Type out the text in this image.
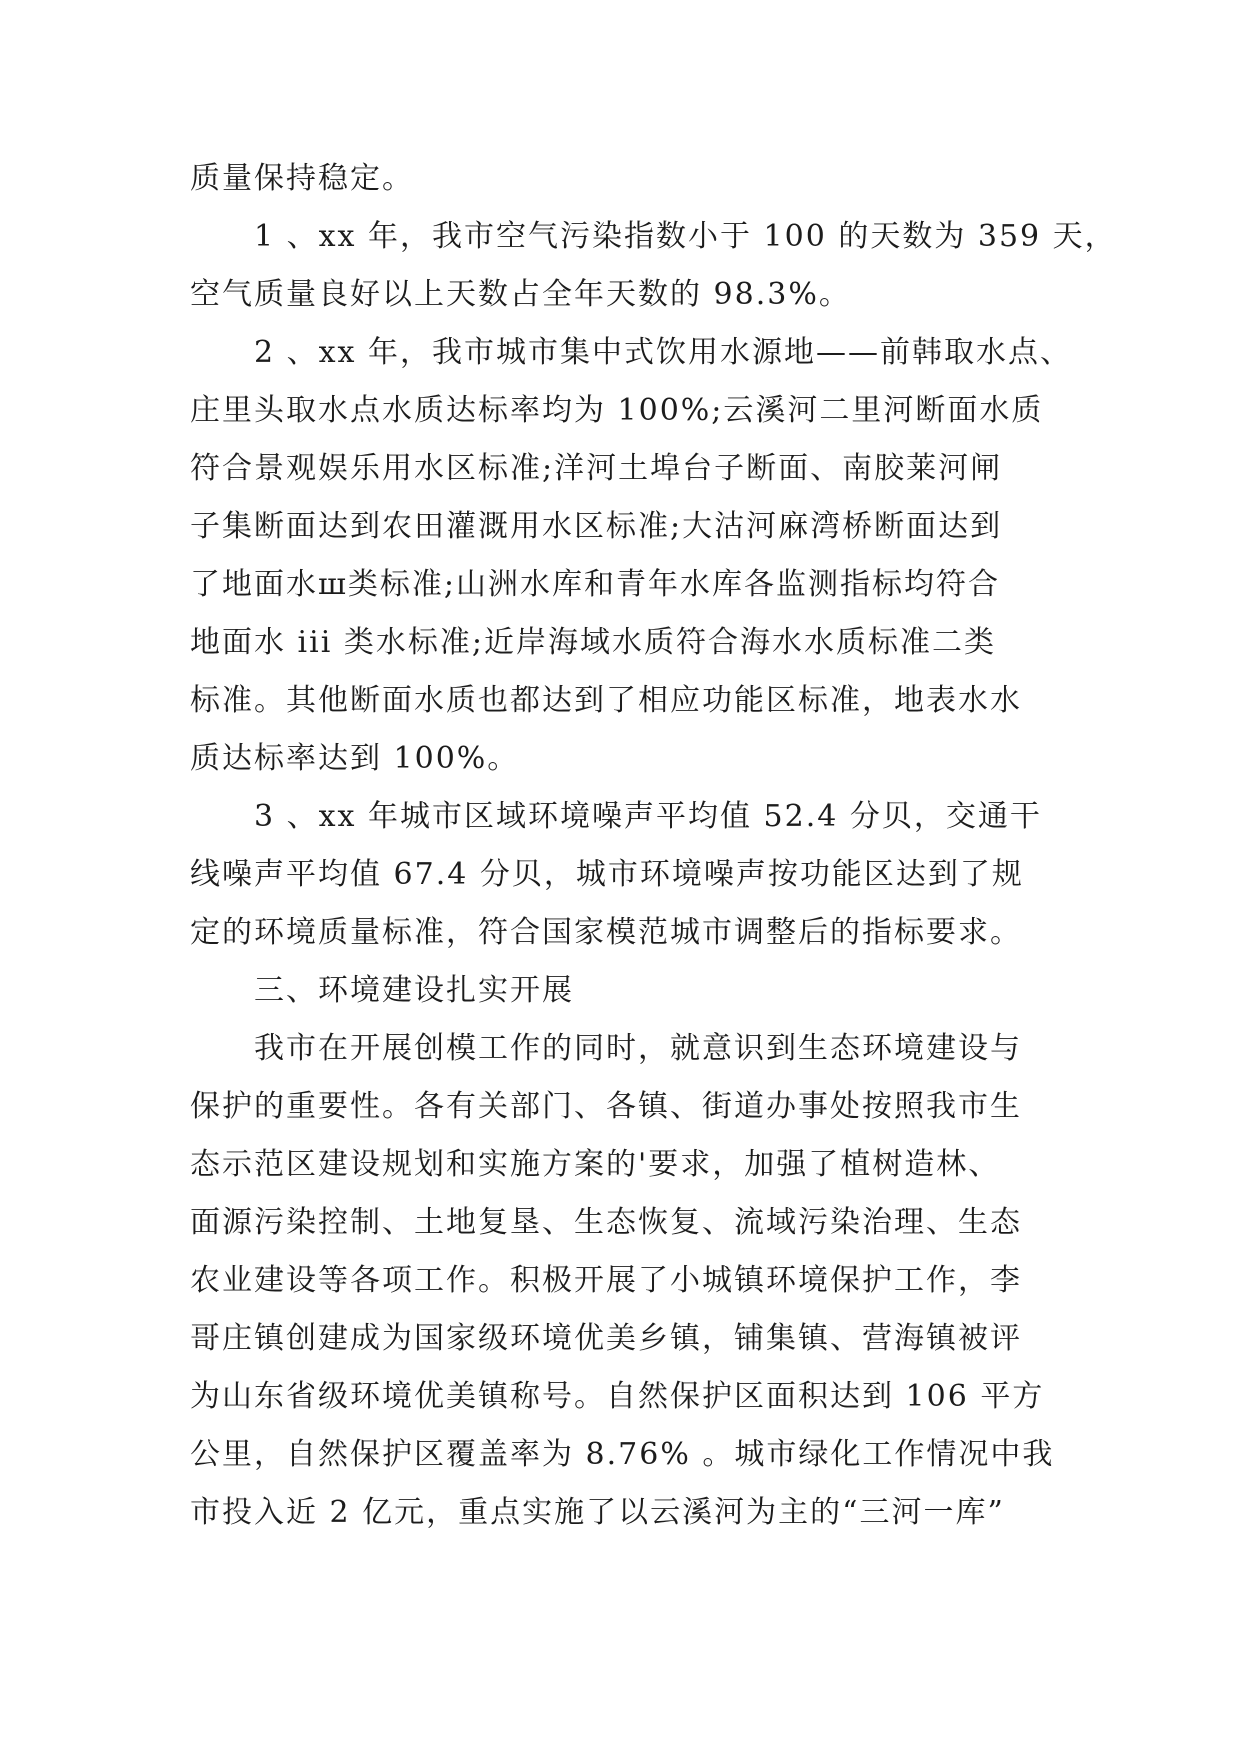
质量保持稳定。
1 、xx 年，我市空气污染指数小于 100 的天数为 359 天，
空气质量良好以上天数占全年天数的 98.3%。
2 、xx 年，我市城市集中式饮用水源地——前韩取水点、
庄里头取水点水质达标率均为 100%;云溪河二里河断面水质
符合景观娱乐用水区标准;洋河土埠台子断面、南胶莱河闸
子集断面达到农田灌溉用水区标准;大沽河麻湾桥断面达到
了地面水ш类标准;山洲水库和青年水库各监测指标均符合
地面水 iii 类水标准;近岸海域水质符合海水水质标准二类
标准。其他断面水质也都达到了相应功能区标准，地表水水
质达标率达到 100%。
3 、xx 年城市区域环境噪声平均值 52.4 分贝，交通干
线噪声平均值 67.4 分贝，城市环境噪声按功能区达到了规
定的环境质量标准，符合国家模范城市调整后的指标要求。
三、环境建设扎实开展
我市在开展创模工作的同时，就意识到生态环境建设与
保护的重要性。各有关部门、各镇、街道办事处按照我市生
态示范区建设规划和实施方案的'要求，加强了植树造林、
面源污染控制、土地复垦、生态恢复、流域污染治理、生态
农业建设等各项工作。积极开展了小城镇环境保护工作，李
哥庄镇创建成为国家级环境优美乡镇，铺集镇、营海镇被评
为山东省级环境优美镇称号。自然保护区面积达到 106 平方
公里，自然保护区覆盖率为 8.76% 。城市绿化工作情况中我
市投入近 2 亿元，重点实施了以云溪河为主的“三河一库”
